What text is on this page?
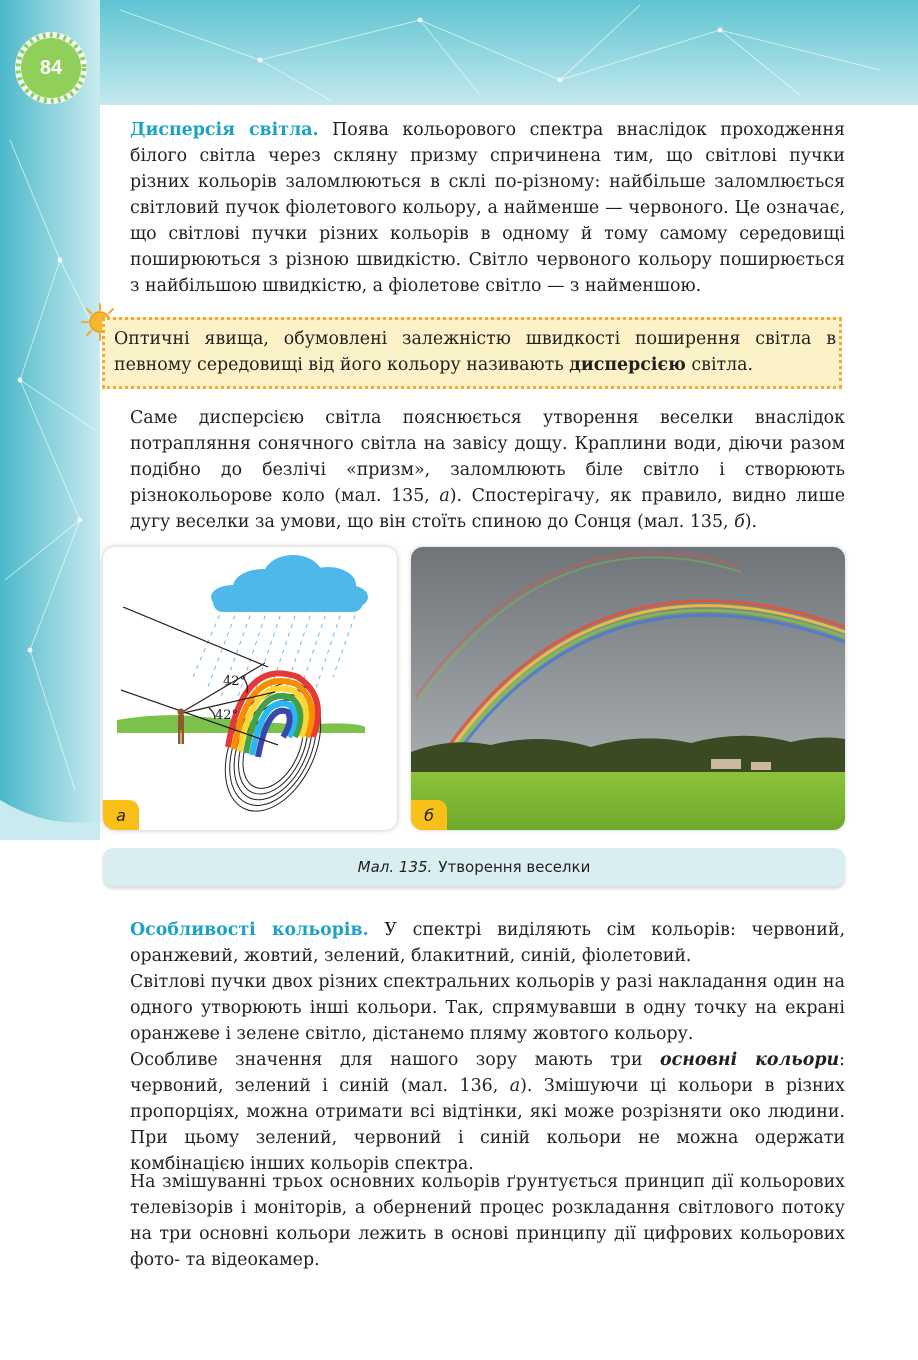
84
Дисперсія світла. Поява кольорового спектра внаслідок проходження білого світла через скляну призму спричинена тим, що світлові пучки різних кольорів заломлюються в склі по-різному: найбільше заломлюється світловий пучок фіолетового кольору, а найменше — червоного. Це означає, що світлові пучки різних кольорів в одному й тому самому середовищі поширюються з різною швидкістю. Світло червоного кольору поширюється з найбільшою швидкістю, а фіолетове світло — з найменшою.
Оптичні явища, обумовлені залежністю швидкості поширення світла в певному середовищі від його кольору називають дисперсією світла.
Саме дисперсією світла пояснюється утворення веселки внаслідок потрапляння сонячного світла на завісу дощу. Краплини води, діючи разом подібно до безлічі «призм», заломлюють біле світло і створюють різнокольорове коло (мал. 135, а). Спостерігачу, як правило, видно лише дугу веселки за умови, що він стоїть спиною до Сонця (мал. 135, б).
42°
42°
а	б
Мал. 135. Утворення веселки
Особливості кольорів. У спектрі виділяють сім кольорів: червоний, оранжевий, жовтий, зелений, блакитний, синій, фіолетовий.
Світлові пучки двох різних спектральних кольорів у разі накладання один на одного утворюють інші кольори. Так, спрямувавши в одну точку на екрані оранжеве і зелене світло, дістанемо пляму жовтого кольору.
Особливе значення для нашого зору мають три основні кольори: червоний, зелений і синій (мал. 136, а). Змішуючи ці кольори в різних пропорціях, можна отримати всі відтінки, які може розрізняти око людини. При цьому зелений, червоний і синій кольори не можна одержати комбінацією інших кольорів спектра.
На змішуванні трьох основних кольорів ґрунтується принцип дії кольорових телевізорів і моніторів, а обернений процес розкладання світлового потоку на три основні кольори лежить в основі принципу дії цифрових кольорових фото- та відеокамер.
